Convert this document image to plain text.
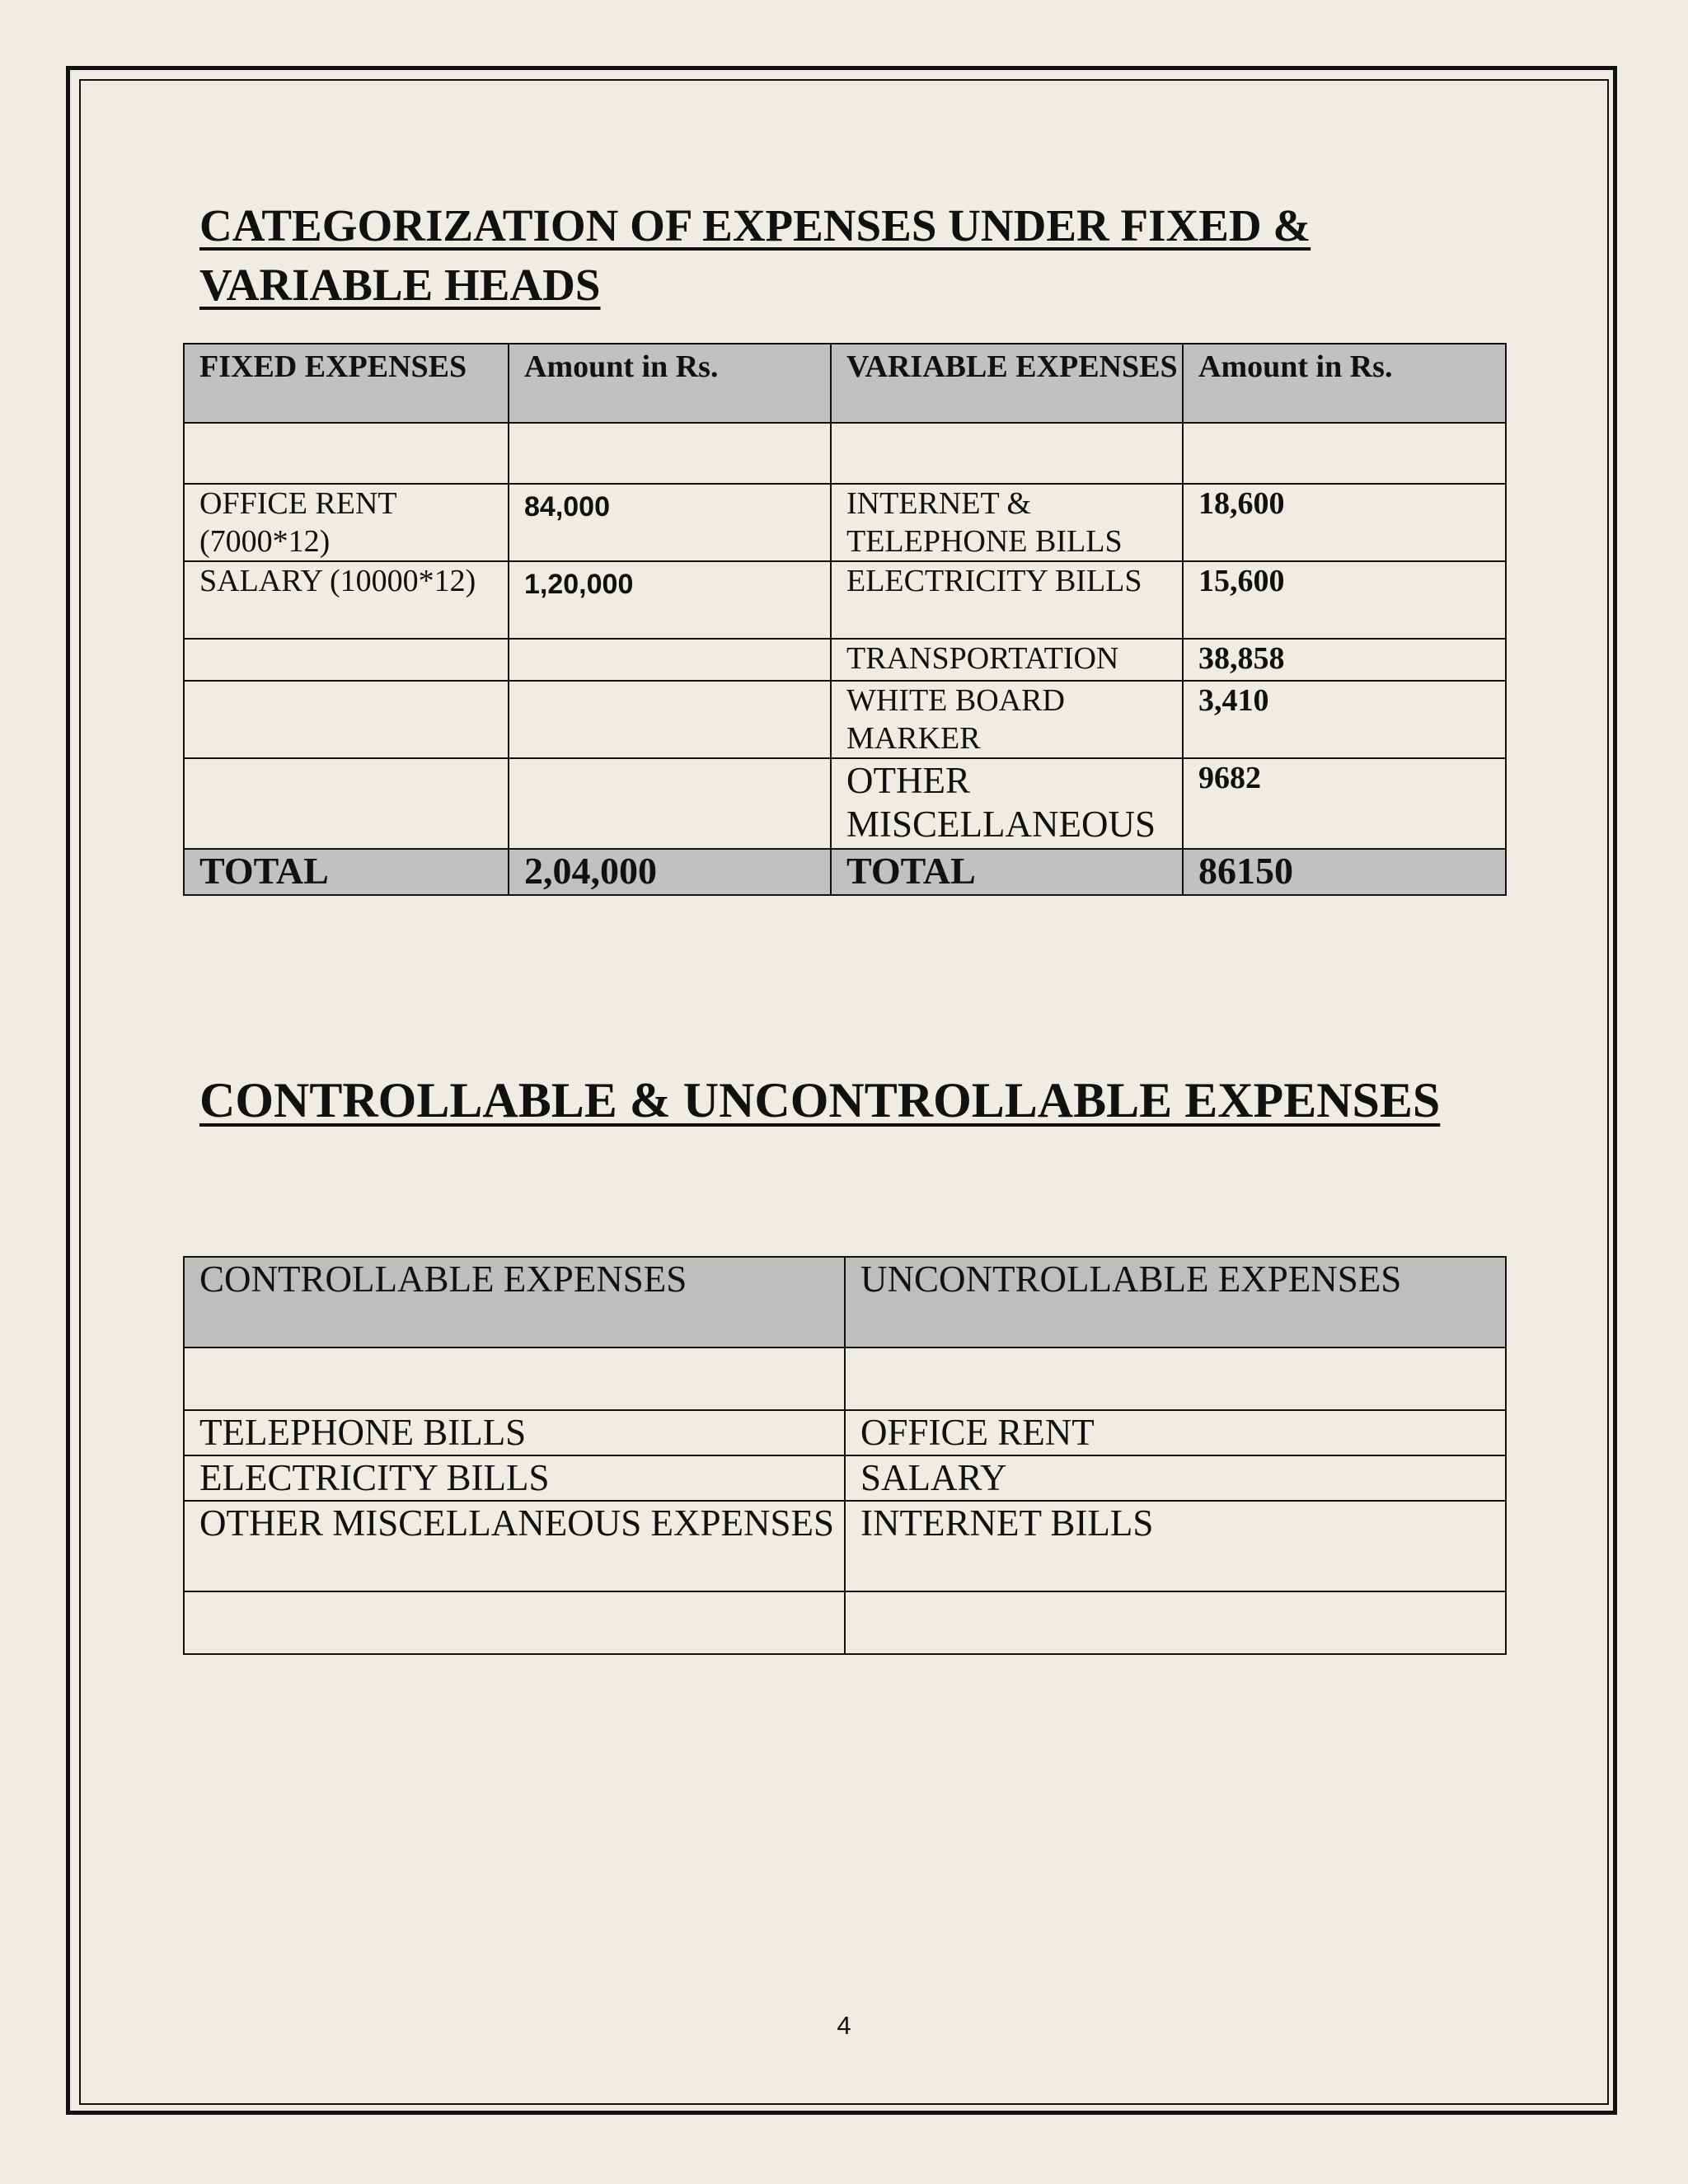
CATEGORIZATION OF EXPENSES UNDER FIXED & VARIABLE HEADS
FIXED EXPENSES	Amount in Rs.	VARIABLE EXPENSES	Amount in Rs.

OFFICE RENT (7000*12)	84,000	INTERNET & TELEPHONE BILLS	18,600
SALARY (10000*12)	1,20,000	ELECTRICITY BILLS	15,600
		TRANSPORTATION	38,858
		WHITE BOARD MARKER	3,410
		OTHER MISCELLANEOUS	9682
TOTAL	2,04,000	TOTAL	86150
CONTROLLABLE & UNCONTROLLABLE EXPENSES
CONTROLLABLE EXPENSES	UNCONTROLLABLE EXPENSES

TELEPHONE BILLS	OFFICE RENT
ELECTRICITY BILLS	SALARY
OTHER MISCELLANEOUS EXPENSES	INTERNET BILLS

4
